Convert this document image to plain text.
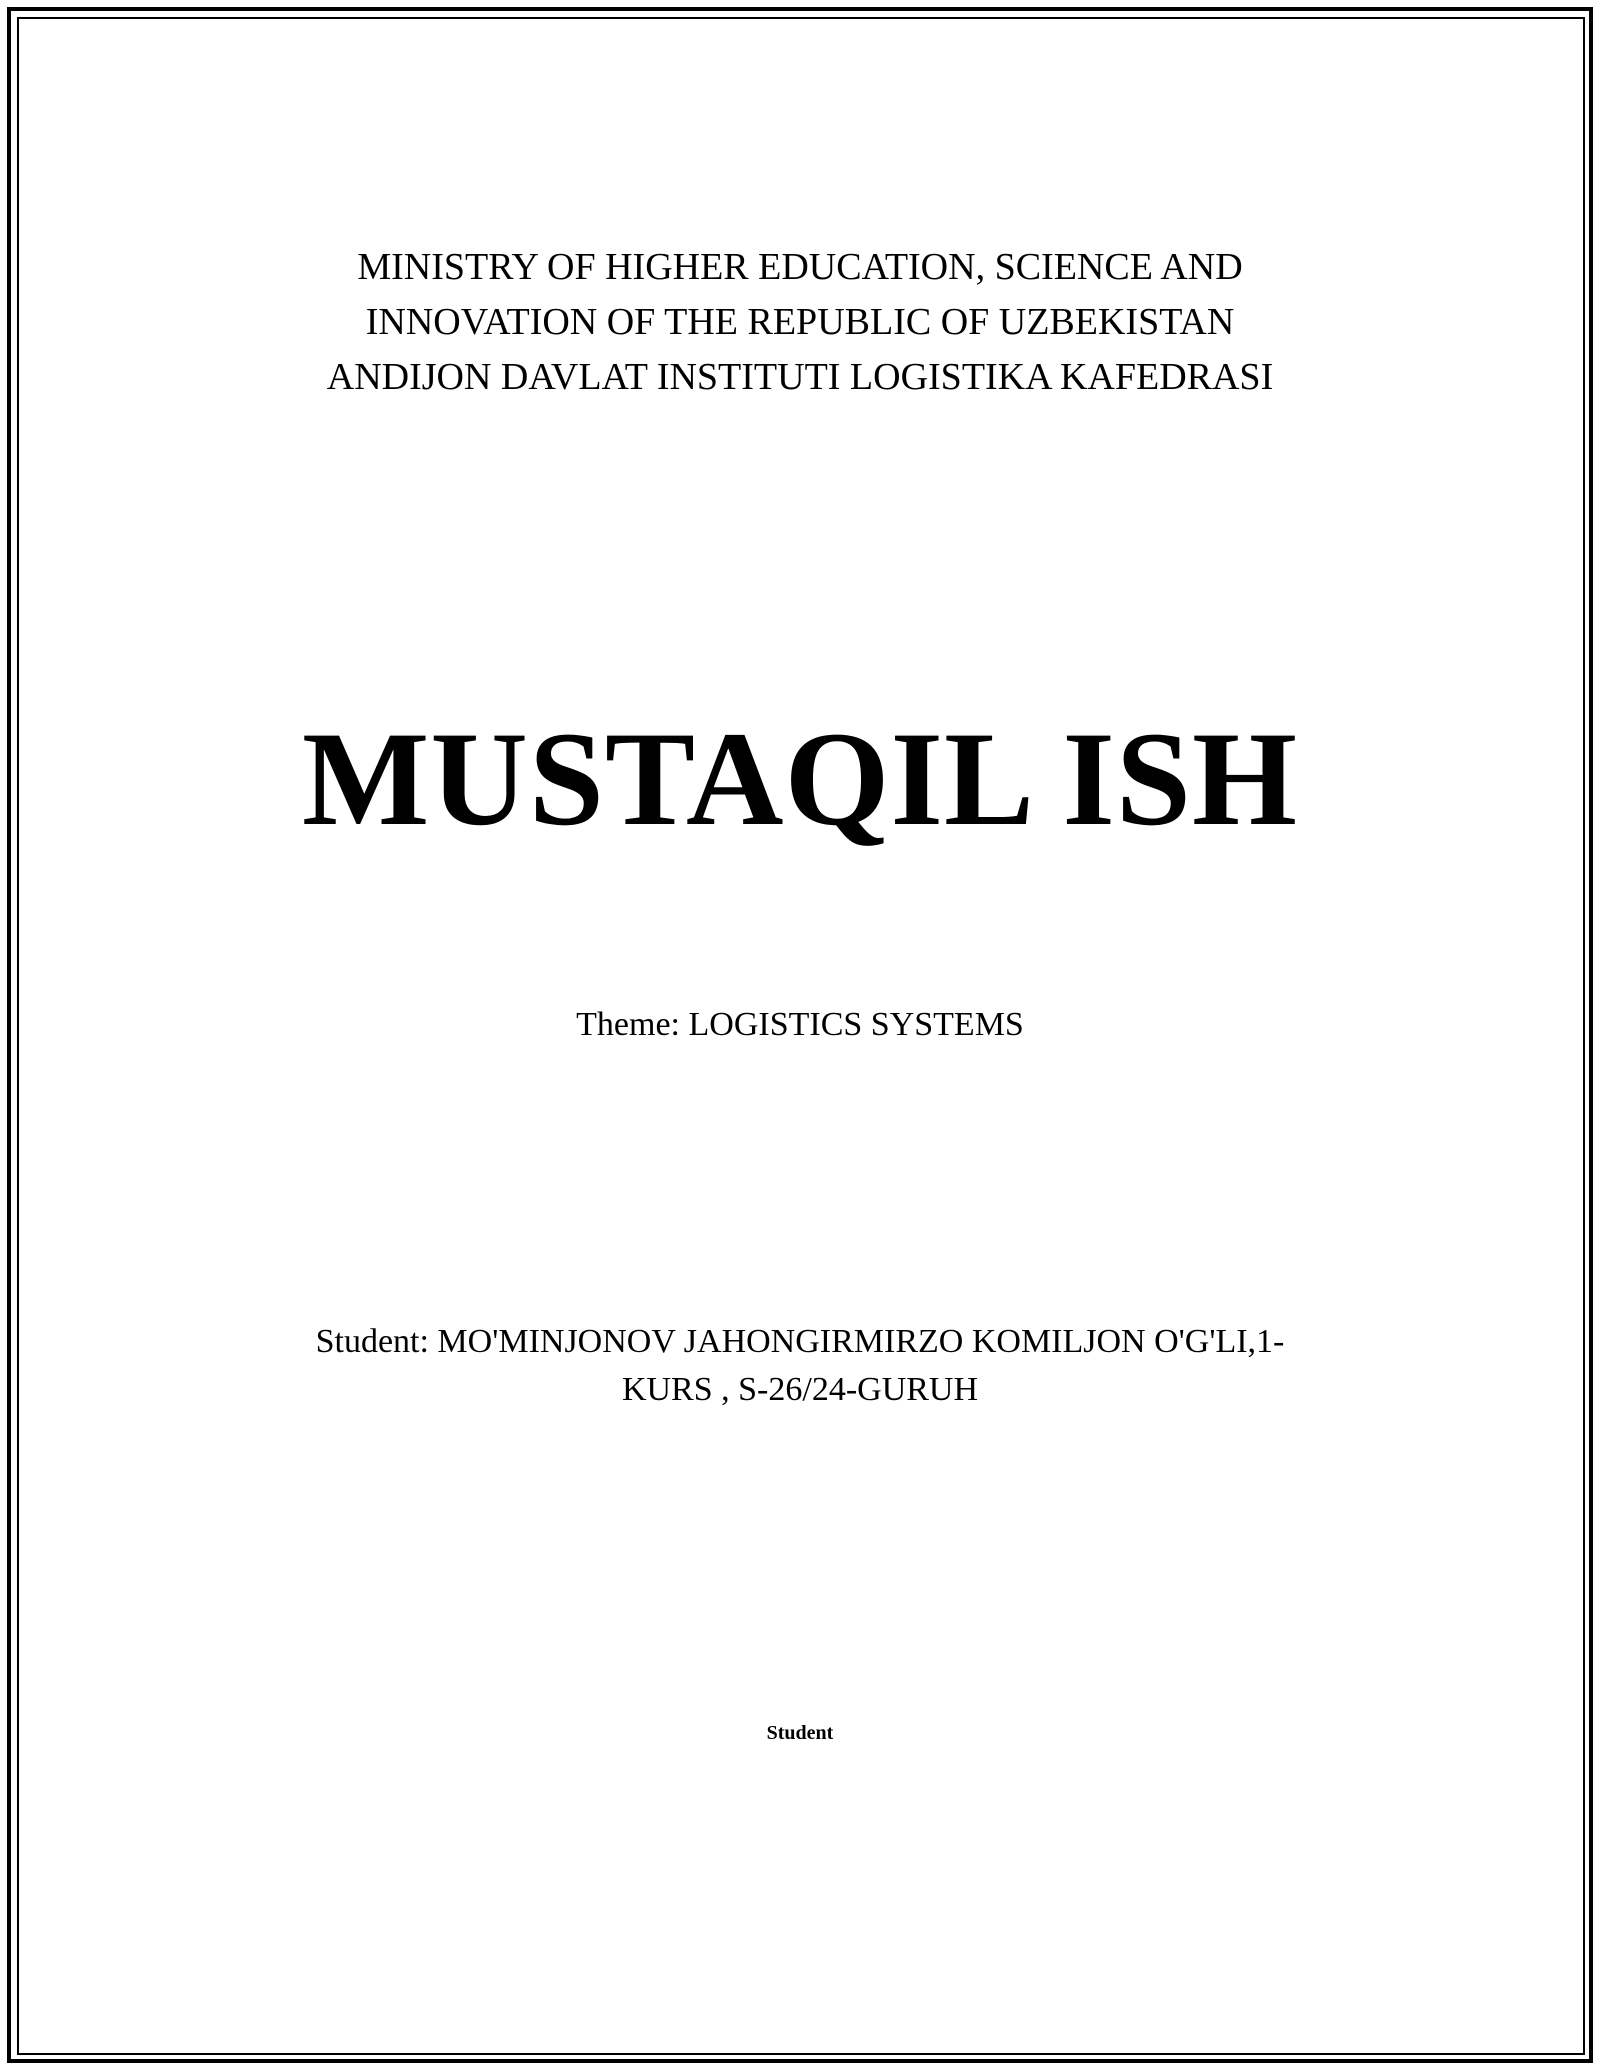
MINISTRY OF HIGHER EDUCATION, SCIENCE AND
INNOVATION OF THE REPUBLIC OF UZBEKISTAN
ANDIJON DAVLAT INSTITUTI LOGISTIKA KAFEDRASI
MUSTAQIL ISH
Theme: LOGISTICS SYSTEMS
Student: MO'MINJONOV JAHONGIRMIRZO KOMILJON O'G'LI,1-
KURS , S-26/24-GURUH
Student
